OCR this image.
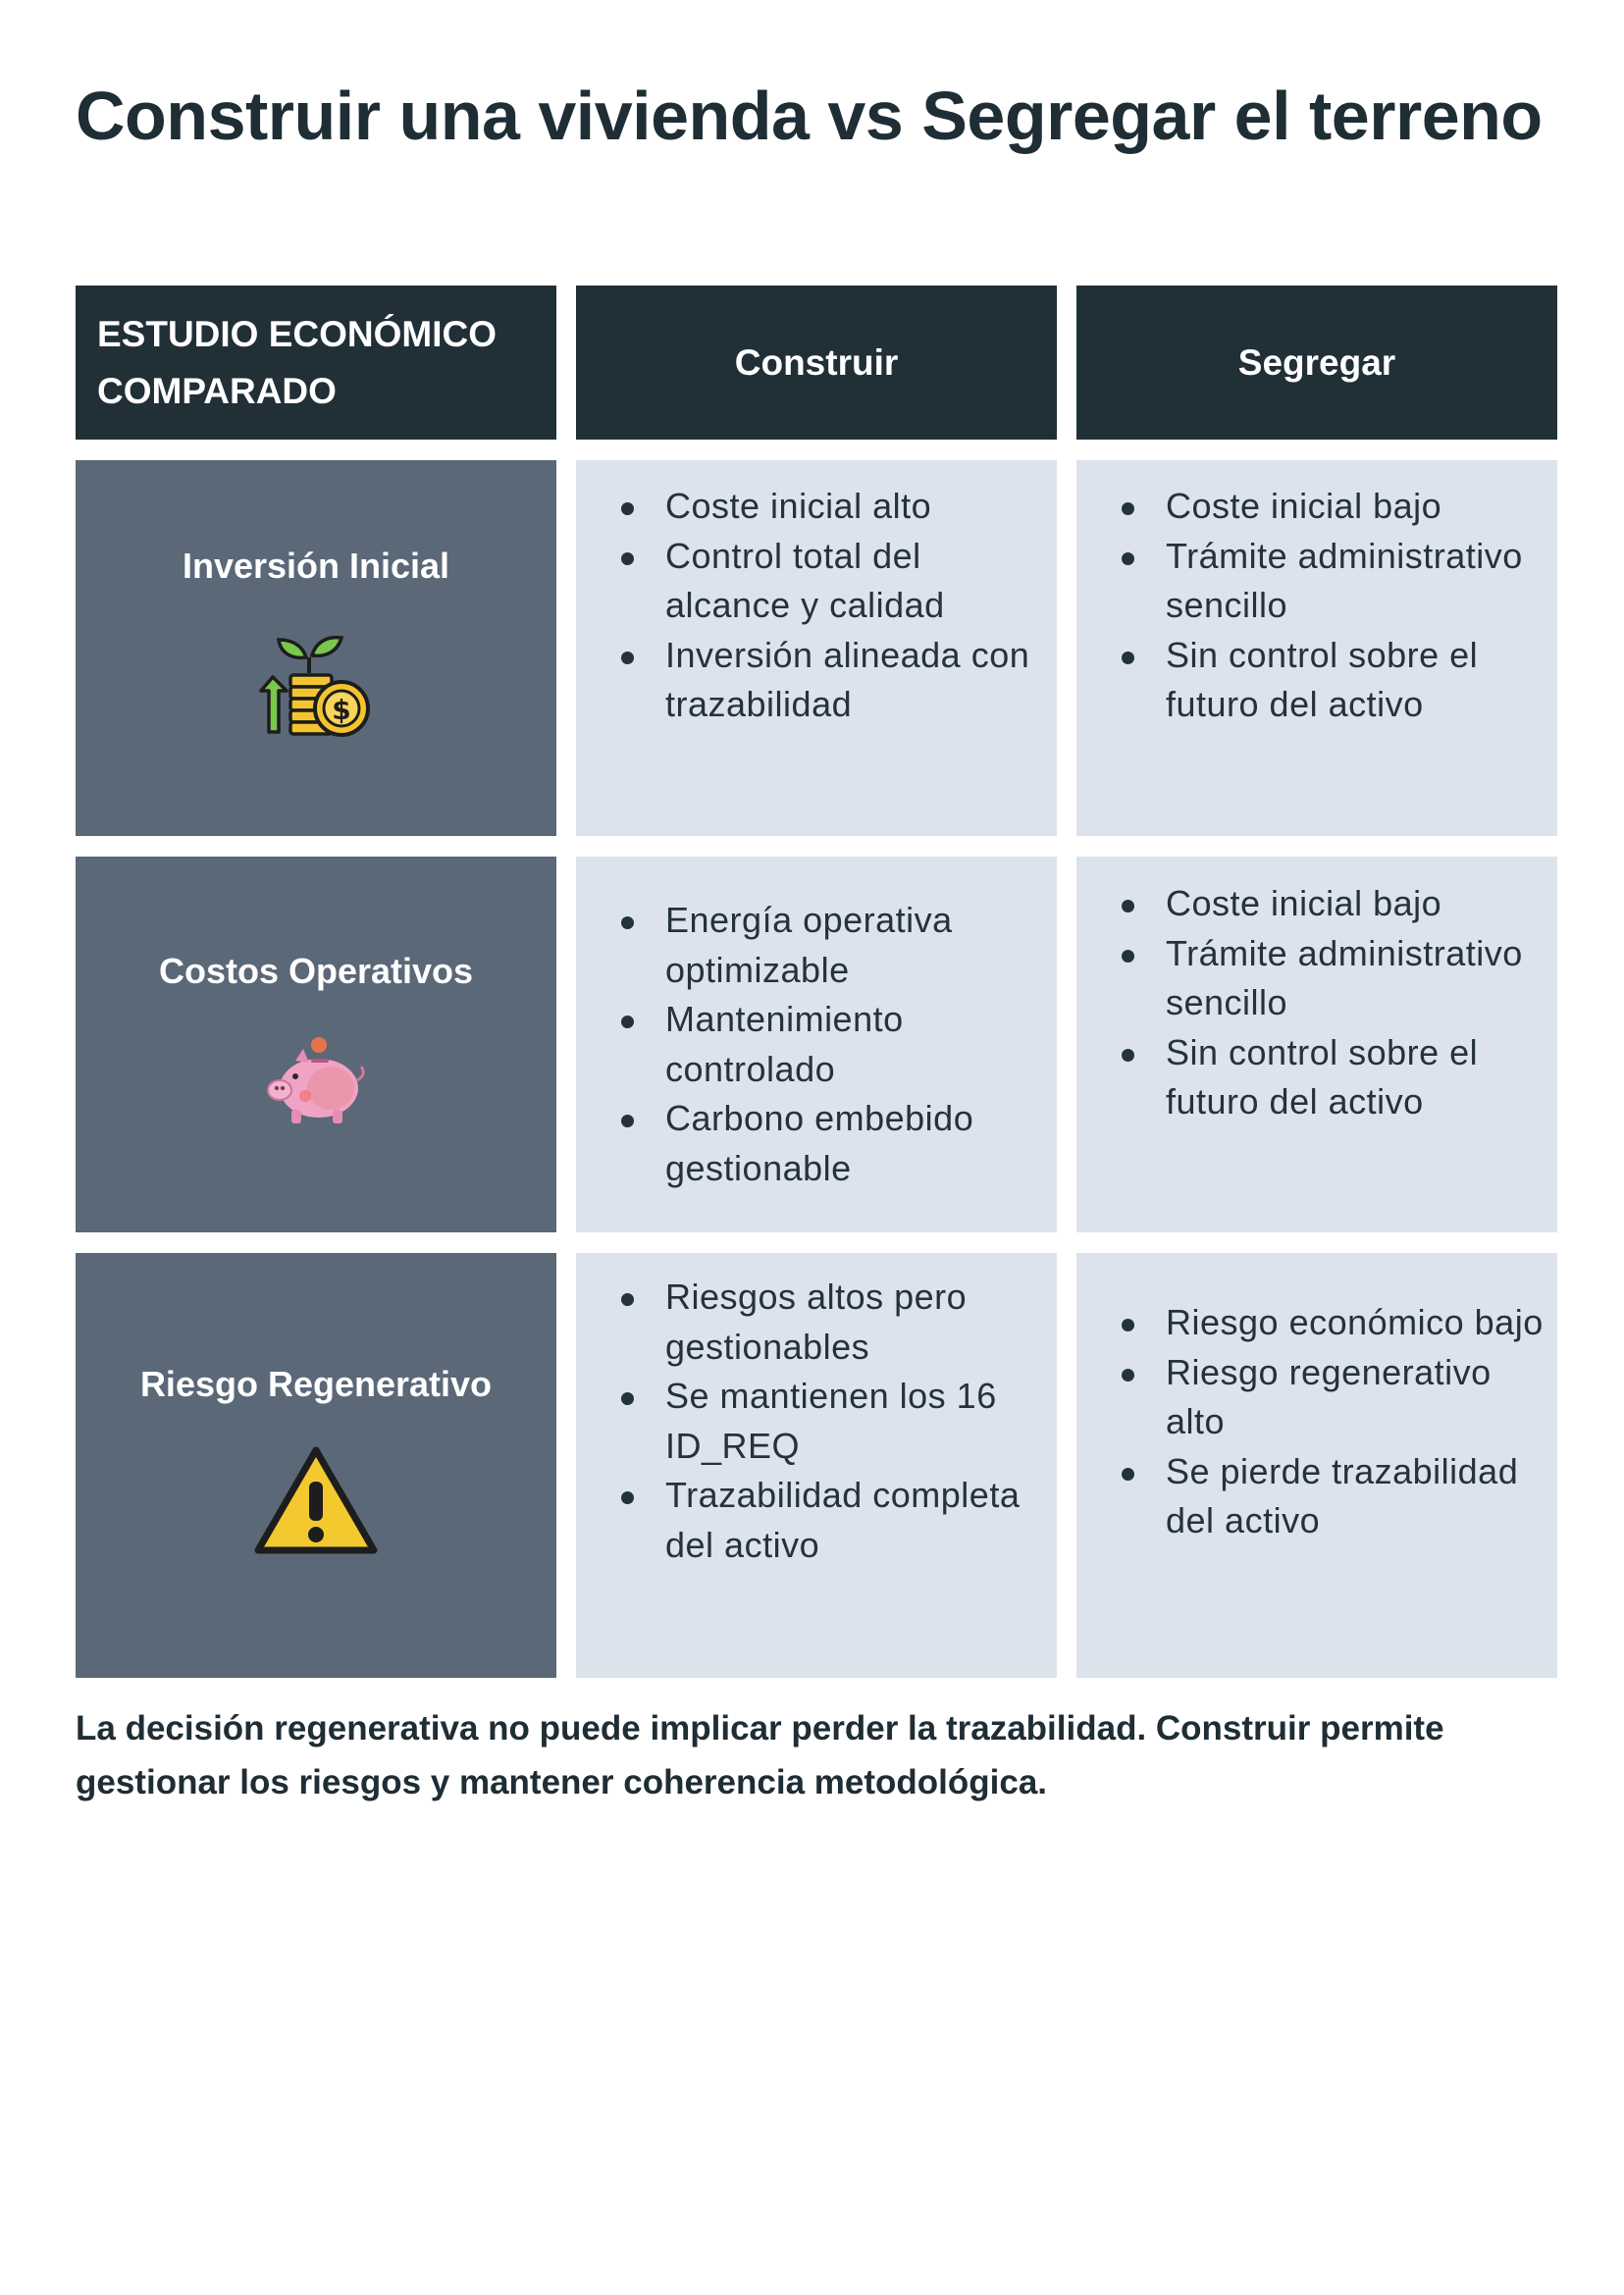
Construir una vivienda vs Segregar el terreno
ESTUDIO ECONÓMICO COMPARADO
Construir	Segregar
Inversión Inicial
$
Coste inicial alto
Control total del alcance y calidad
Inversión alineada con trazabilidad
Coste inicial bajo
Trámite administrativo sencillo
Sin control sobre el futuro del activo
Costos Operativos
Energía operativa optimizable
Mantenimiento controlado
Carbono embebido gestionable
Coste inicial bajo
Trámite administrativo sencillo
Sin control sobre el futuro del activo
Riesgo Regenerativo
Riesgos altos pero gestionables
Se mantienen los 16 ID_REQ
Trazabilidad completa del activo
Riesgo económico bajo
Riesgo regenerativo alto
Se pierde trazabilidad del activo

La decisión regenerativa no puede implicar perder la trazabilidad. Construir permite gestionar los riesgos y mantener coherencia metodológica.
